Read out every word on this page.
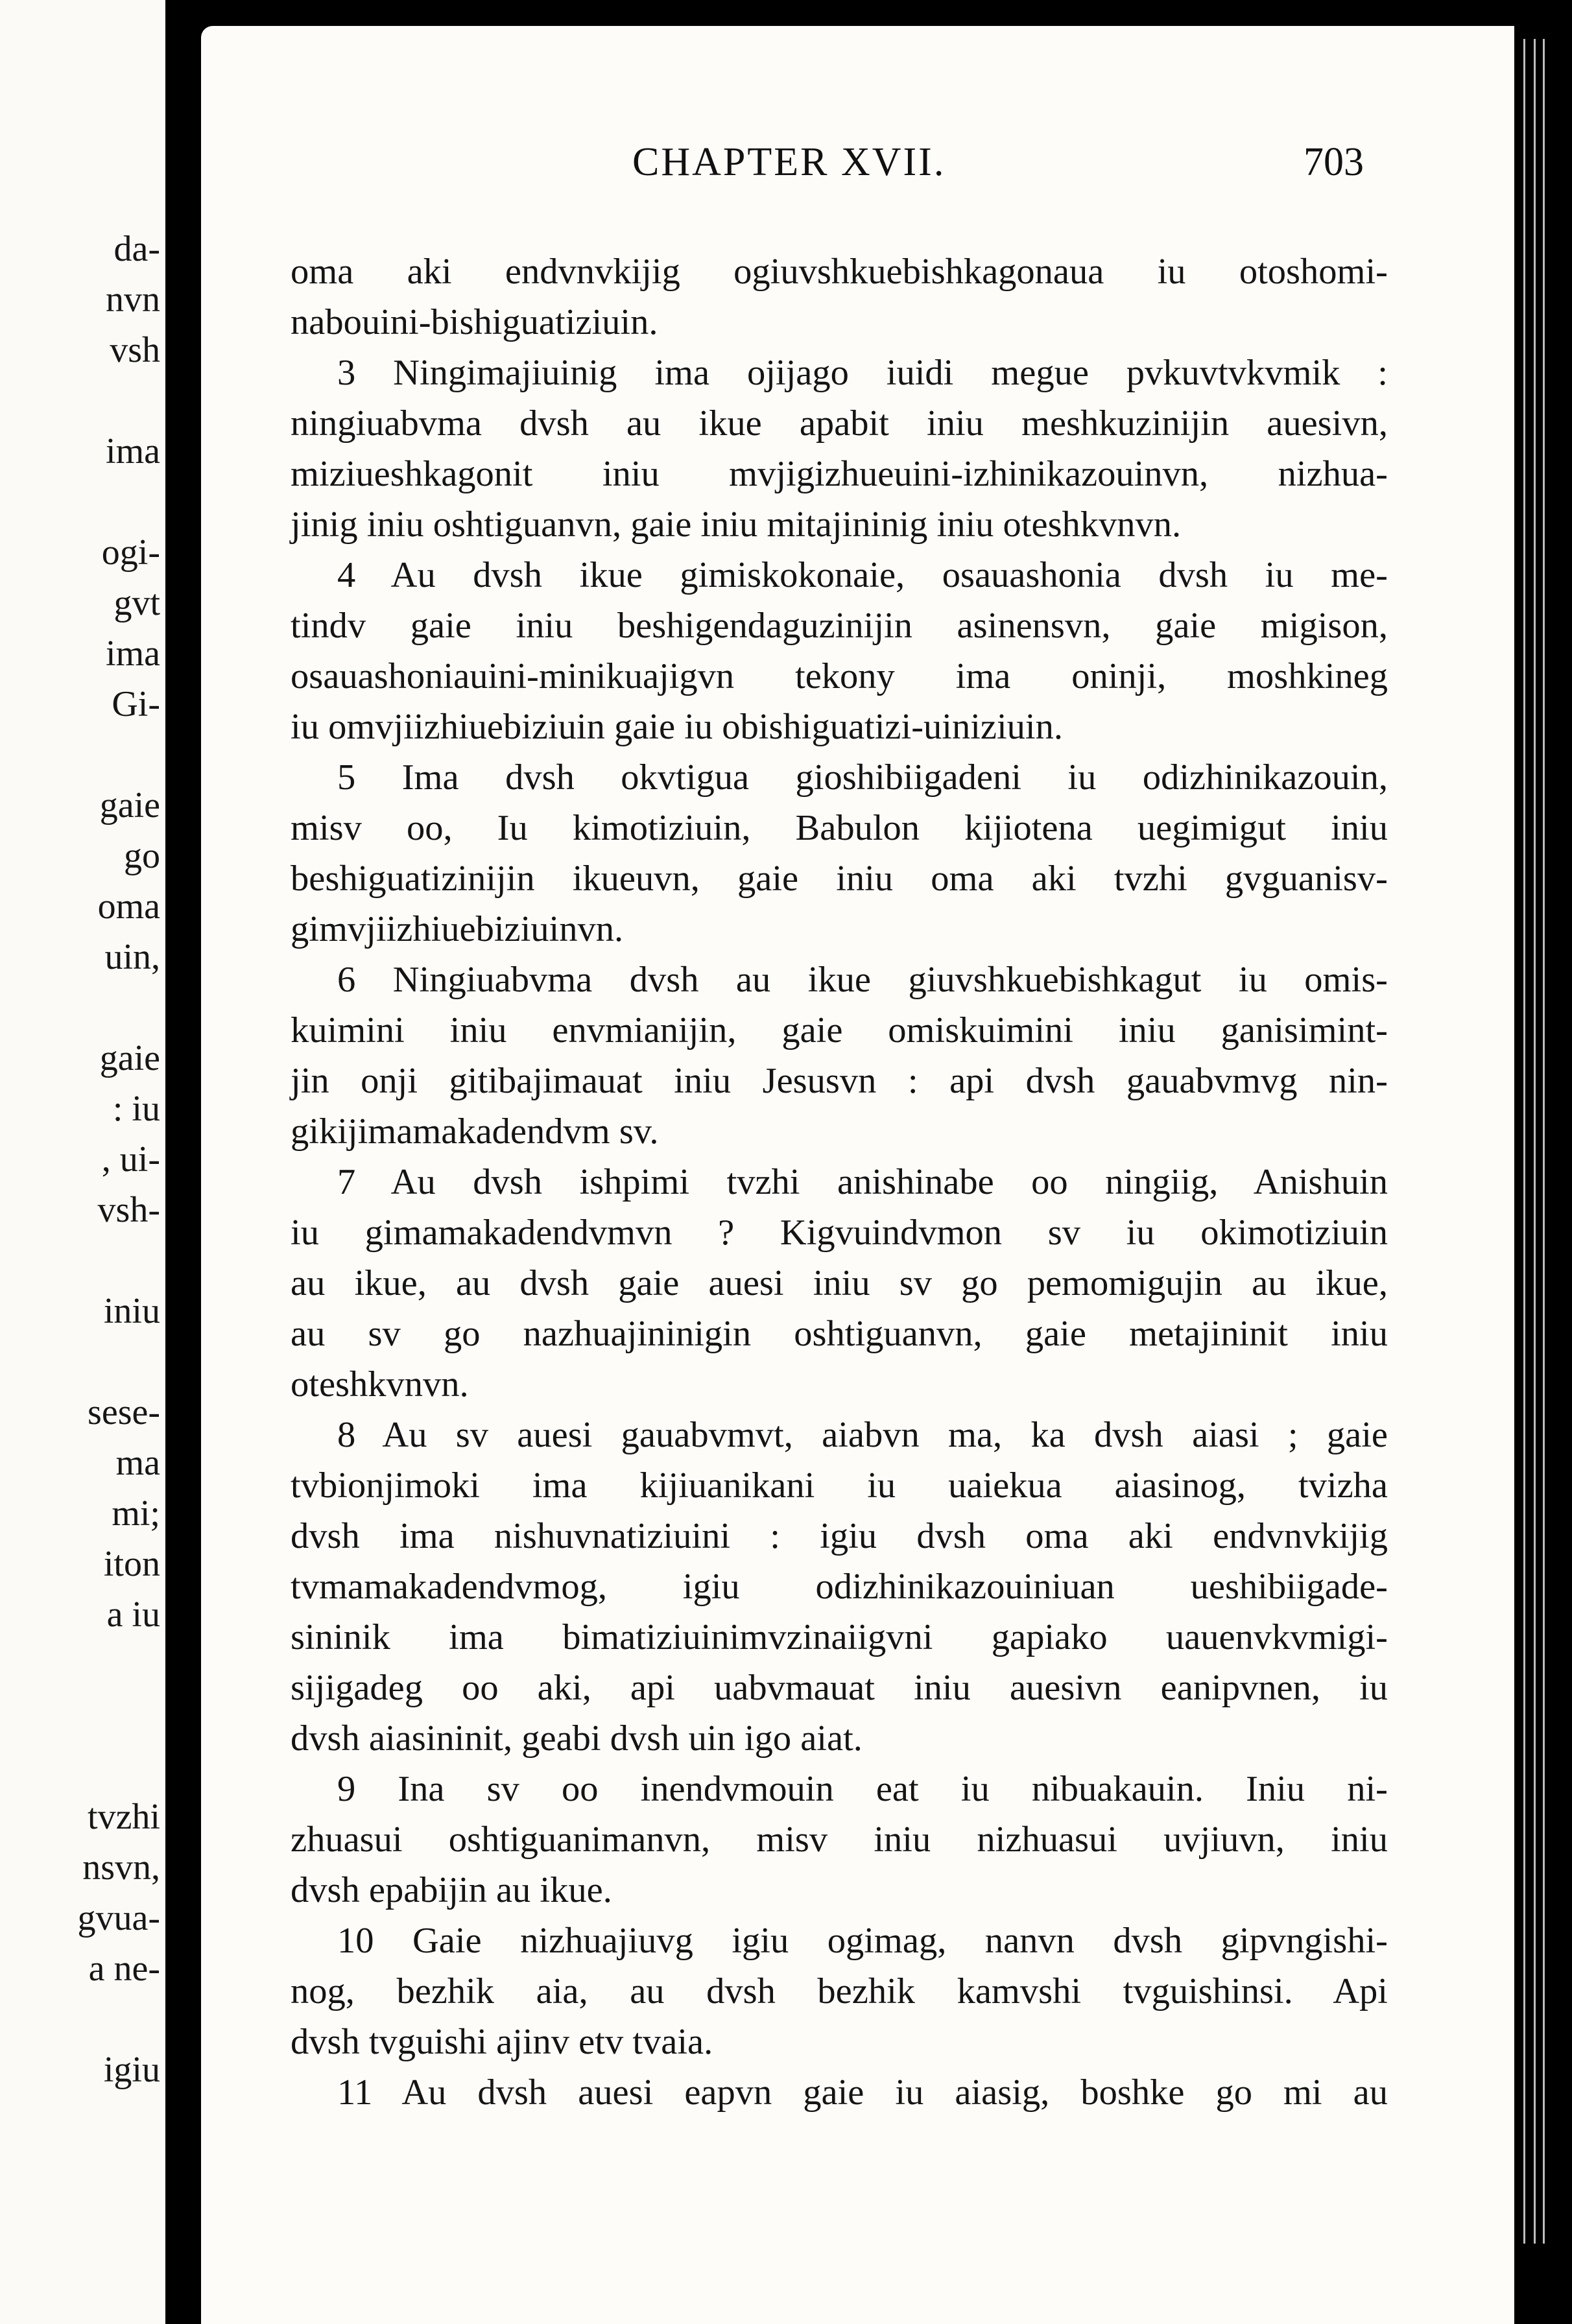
da-
nvn
vsh
ima
ogi-
gvt
ima
Gi-
gaie
go
oma
uin,
gaie
: iu
, ui-
vsh-
iniu
sese-
ma
mi;
iton
a iu
tvzhi
nsvn,
gvua-
a ne-
igiu
CHAPTER XVII.	703
oma aki endvnvkijig ogiuvshkuebishkagonaua iu otoshomi-
nabouini-bishiguatiziuin.
3 Ningimajiuinig ima ojijago iuidi megue pvkuvtvkvmik :
ningiuabvma dvsh au ikue apabit iniu meshkuzinijin auesivn,
miziueshkagonit iniu mvjigizhueuini-izhinikazouinvn, nizhua-
jinig iniu oshtiguanvn, gaie iniu mitajininig iniu oteshkvnvn.
4 Au dvsh ikue gimiskokonaie, osauashonia dvsh iu me-
tindv gaie iniu beshigendaguzinijin asinensvn, gaie migison,
osauashoniauini-minikuajigvn tekony ima oninji, moshkineg
iu omvjiizhiuebiziuin gaie iu obishiguatizi-uiniziuin.
5 Ima dvsh okvtigua gioshibiigadeni iu odizhinikazouin,
misv oo, Iu kimotiziuin, Babulon kijiotena uegimigut iniu
beshiguatizinijin ikueuvn, gaie iniu oma aki tvzhi gvguanisv-
gimvjiizhiuebiziuinvn.
6 Ningiuabvma dvsh au ikue giuvshkuebishkagut iu omis-
kuimini iniu envmianijin, gaie omiskuimini iniu ganisimint-
jin onji gitibajimauat iniu Jesusvn : api dvsh gauabvmvg nin-
gikijimamakadendvm sv.
7 Au dvsh ishpimi tvzhi anishinabe oo ningiig, Anishuin
iu gimamakadendvmvn ? Kigvuindvmon sv iu okimotiziuin
au ikue, au dvsh gaie auesi iniu sv go pemomigujin au ikue,
au sv go nazhuajininigin oshtiguanvn, gaie metajininit iniu
oteshkvnvn.
8 Au sv auesi gauabvmvt, aiabvn ma, ka dvsh aiasi ; gaie
tvbionjimoki ima kijiuanikani iu uaiekua aiasinog, tvizha
dvsh ima nishuvnatiziuini : igiu dvsh oma aki endvnvkijig
tvmamakadendvmog, igiu odizhinikazouiniuan ueshibiigade-
sininik ima bimatiziuinimvzinaiigvni gapiako uauenvkvmigi-
sijigadeg oo aki, api uabvmauat iniu auesivn eanipvnen, iu
dvsh aiasininit, geabi dvsh uin igo aiat.
9 Ina sv oo inendvmouin eat iu nibuakauin. Iniu ni-
zhuasui oshtiguanimanvn, misv iniu nizhuasui uvjiuvn, iniu
dvsh epabijin au ikue.
10 Gaie nizhuajiuvg igiu ogimag, nanvn dvsh gipvngishi-
nog, bezhik aia, au dvsh bezhik kamvshi tvguishinsi. Api
dvsh tvguishi ajinv etv tvaia.
11 Au dvsh auesi eapvn gaie iu aiasig, boshke go mi au
